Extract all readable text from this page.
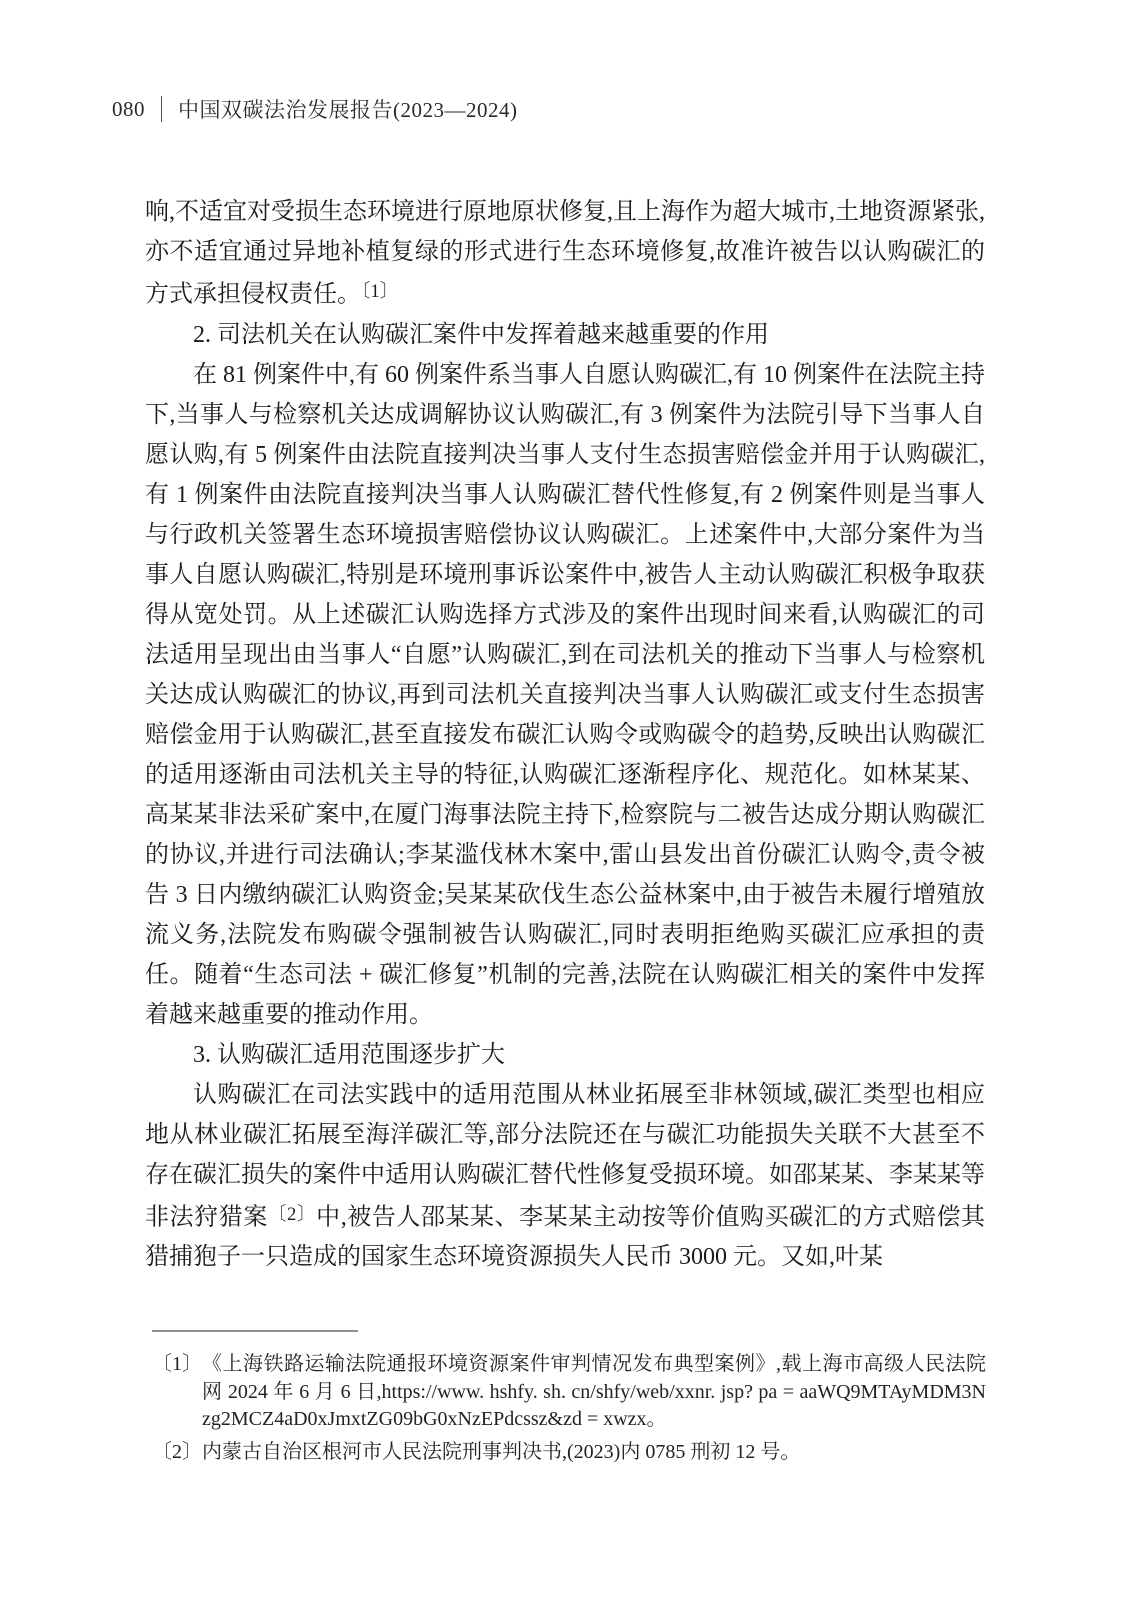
080 中国双碳法治发展报告(2023—2024)

响,不适宜对受损生态环境进行原地原状修复,且上海作为超大城市,土地资源紧张,亦不适宜通过异地补植复绿的形式进行生态环境修复,故准许被告以认购碳汇的方式承担侵权责任。〔1〕

2. 司法机关在认购碳汇案件中发挥着越来越重要的作用

在 81 例案件中,有 60 例案件系当事人自愿认购碳汇,有 10 例案件在法院主持下,当事人与检察机关达成调解协议认购碳汇,有 3 例案件为法院引导下当事人自愿认购,有 5 例案件由法院直接判决当事人支付生态损害赔偿金并用于认购碳汇,有 1 例案件由法院直接判决当事人认购碳汇替代性修复,有 2 例案件则是当事人与行政机关签署生态环境损害赔偿协议认购碳汇。上述案件中,大部分案件为当事人自愿认购碳汇,特别是环境刑事诉讼案件中,被告人主动认购碳汇积极争取获得从宽处罚。从上述碳汇认购选择方式涉及的案件出现时间来看,认购碳汇的司法适用呈现出由当事人“自愿”认购碳汇,到在司法机关的推动下当事人与检察机关达成认购碳汇的协议,再到司法机关直接判决当事人认购碳汇或支付生态损害赔偿金用于认购碳汇,甚至直接发布碳汇认购令或购碳令的趋势,反映出认购碳汇的适用逐渐由司法机关主导的特征,认购碳汇逐渐程序化、规范化。如林某某、高某某非法采矿案中,在厦门海事法院主持下,检察院与二被告达成分期认购碳汇的协议,并进行司法确认;李某滥伐林木案中,雷山县发出首份碳汇认购令,责令被告 3 日内缴纳碳汇认购资金;吴某某砍伐生态公益林案中,由于被告未履行增殖放流义务,法院发布购碳令强制被告认购碳汇,同时表明拒绝购买碳汇应承担的责任。随着“生态司法 + 碳汇修复”机制的完善,法院在认购碳汇相关的案件中发挥着越来越重要的推动作用。

3. 认购碳汇适用范围逐步扩大

认购碳汇在司法实践中的适用范围从林业拓展至非林领域,碳汇类型也相应地从林业碳汇拓展至海洋碳汇等,部分法院还在与碳汇功能损失关联不大甚至不存在碳汇损失的案件中适用认购碳汇替代性修复受损环境。如邵某某、李某某等非法狩猎案〔2〕中,被告人邵某某、李某某主动按等价值购买碳汇的方式赔偿其猎捕狍子一只造成的国家生态环境资源损失人民币 3000 元。又如,叶某

〔1〕 《上海铁路运输法院通报环境资源案件审判情况发布典型案例》,载上海市高级人民法院网 2024 年 6 月 6 日,https://www. hshfy. sh. cn/shfy/web/xxnr. jsp? pa = aaWQ9MTAyMDM3Nzg2MCZ4aD0xJmxtZG09bG0xNzEPdcssz&zd = xwzx。
〔2〕 内蒙古自治区根河市人民法院刑事判决书,(2023)内 0785 刑初 12 号。
